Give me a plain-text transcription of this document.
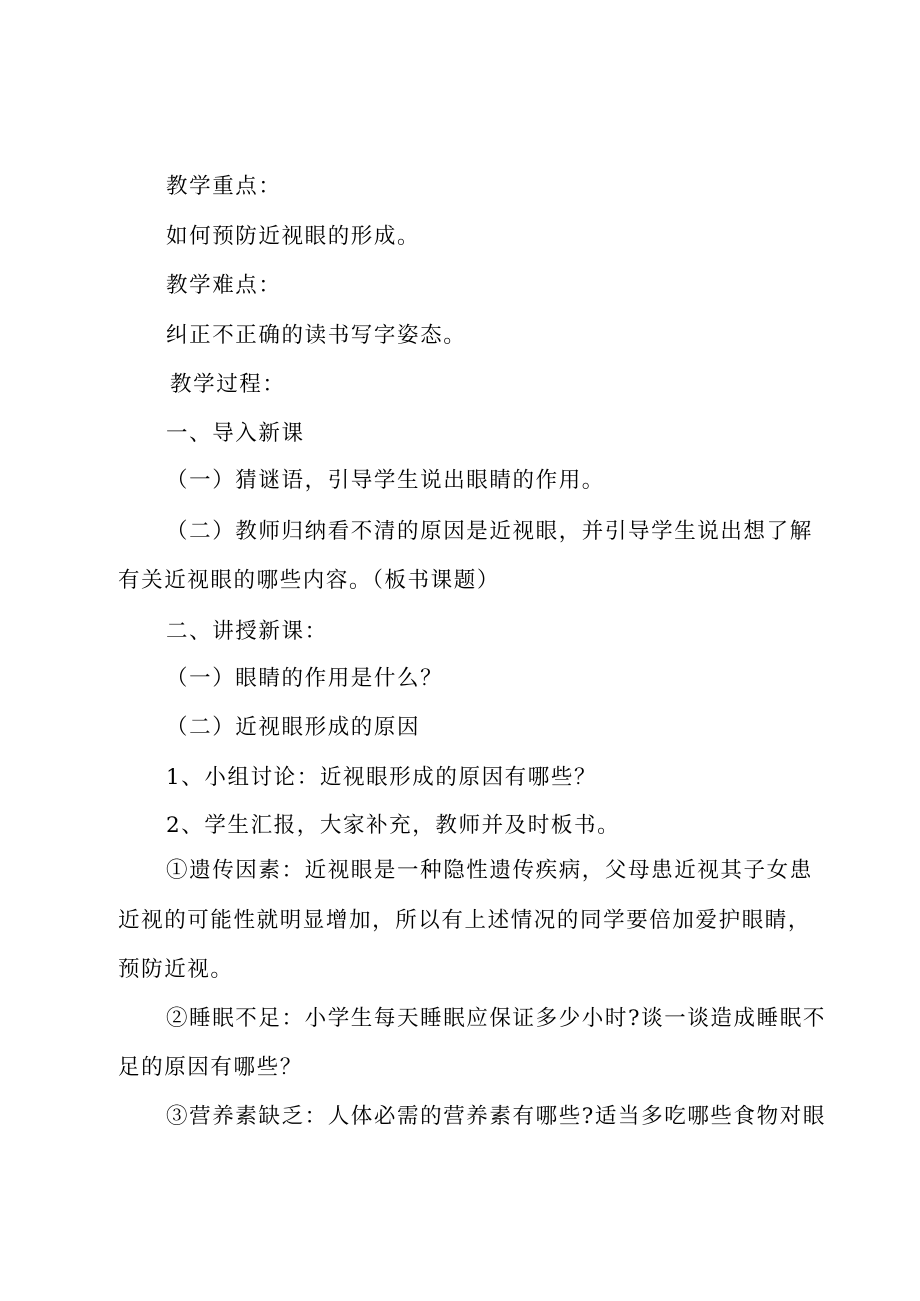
教学重点：
如何预防近视眼的形成。
教学难点：
纠正不正确的读书写字姿态。
教学过程：
一、导入新课
（一）猜谜语，引导学生说出眼睛的作用。
（二）教师归纳看不清的原因是近视眼，并引导学生说出想了解
有关近视眼的哪些内容。（板书课题）
二、讲授新课：
（一）眼睛的作用是什么？
（二）近视眼形成的原因
1、小组讨论：近视眼形成的原因有哪些？
2、学生汇报，大家补充，教师并及时板书。
①遗传因素：近视眼是一种隐性遗传疾病，父母患近视其子女患
近视的可能性就明显增加，所以有上述情况的同学要倍加爱护眼睛，
预防近视。
②睡眠不足：小学生每天睡眠应保证多少小时?谈一谈造成睡眠不
足的原因有哪些？
③营养素缺乏：人体必需的营养素有哪些?适当多吃哪些食物对眼
